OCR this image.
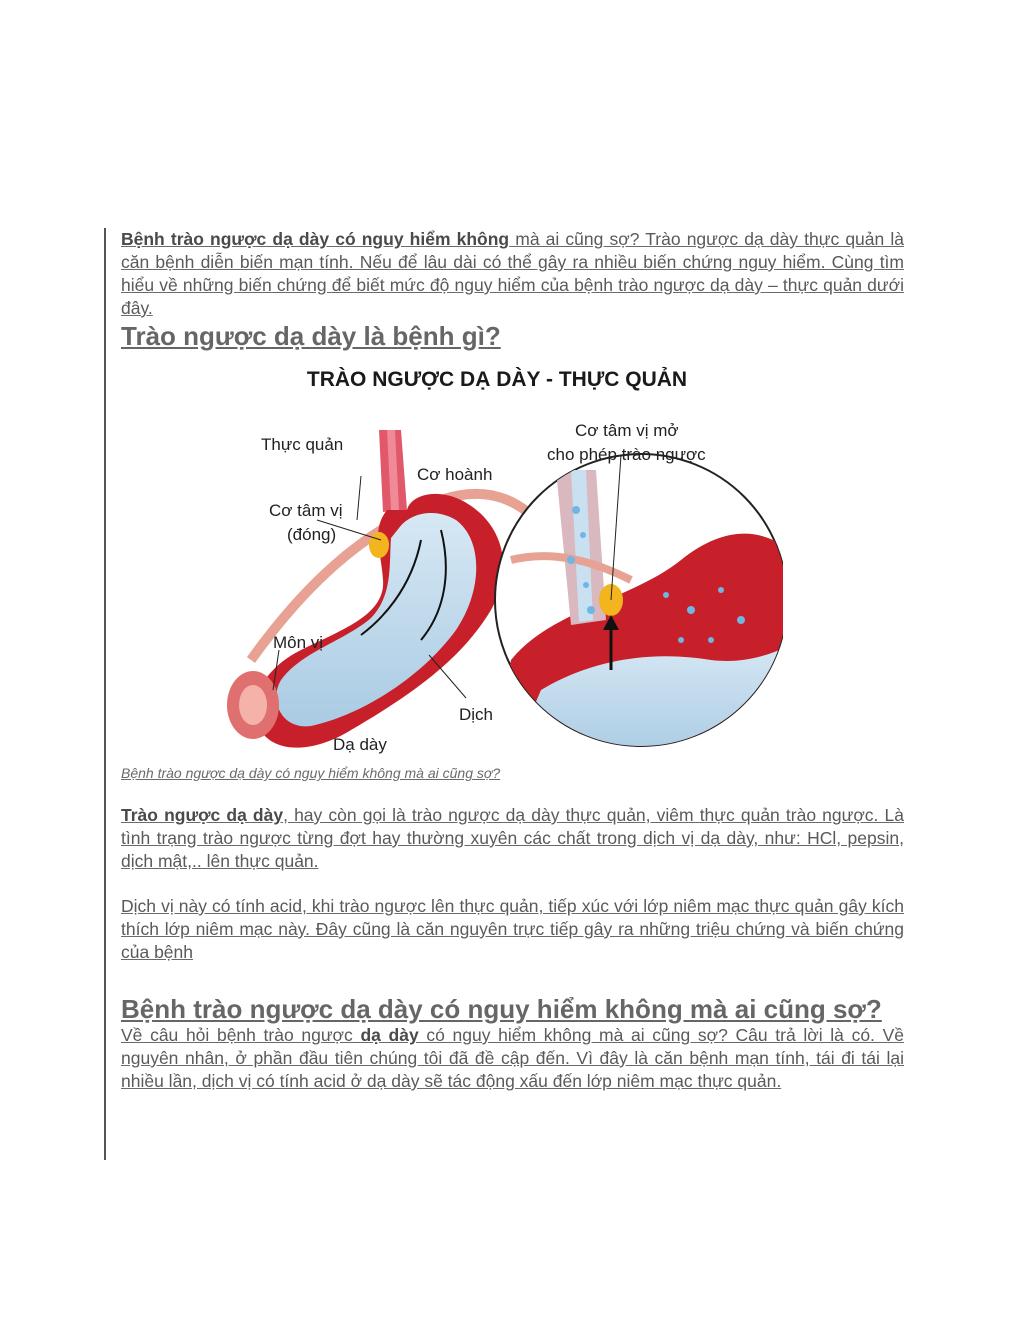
Bệnh trào ngược dạ dày có nguy hiểm không mà ai cũng sợ? Trào ngược dạ dày thực quản là căn bệnh diễn biến mạn tính. Nếu để lâu dài có thể gây ra nhiều biến chứng nguy hiểm. Cùng tìm hiểu về những biến chứng để biết mức độ nguy hiểm của bệnh trào ngược dạ dày – thực quản dưới đây.

Trào ngược dạ dày là bệnh gì?
TRÀO NGƯỢC DẠ DÀY - THỰC QUẢN
Thực quản
Cơ hoành
Cơ tâm vị
(đóng)
Môn vị
Dịch
Dạ dày
Cơ tâm vị mở
cho phép trào ngược

Bệnh trào ngược dạ dày có nguy hiểm không mà ai cũng sợ?

Trào ngược dạ dày, hay còn gọi là trào ngược dạ dày thực quản, viêm thực quản trào ngược. Là tình trạng trào ngược từng đợt hay thường xuyên các chất trong dịch vị dạ dày, như: HCl, pepsin, dịch mật,.. lên thực quản.

Dịch vị này có tính acid, khi trào ngược lên thực quản, tiếp xúc với lớp niêm mạc thực quản gây kích thích lớp niêm mạc này. Đây cũng là căn nguyên trực tiếp gây ra những triệu chứng và biến chứng của bệnh

Bệnh trào ngược dạ dày có nguy hiểm không mà ai cũng sợ?

Về câu hỏi bệnh trào ngược dạ dày có nguy hiểm không mà ai cũng sợ? Câu trả lời là có. Về nguyên nhân, ở phần đầu tiên chúng tôi đã đề cập đến. Vì đây là căn bệnh mạn tính, tái đi tái lại nhiều lần, dịch vị có tính acid ở dạ dày sẽ tác động xấu đến lớp niêm mạc thực quản.
